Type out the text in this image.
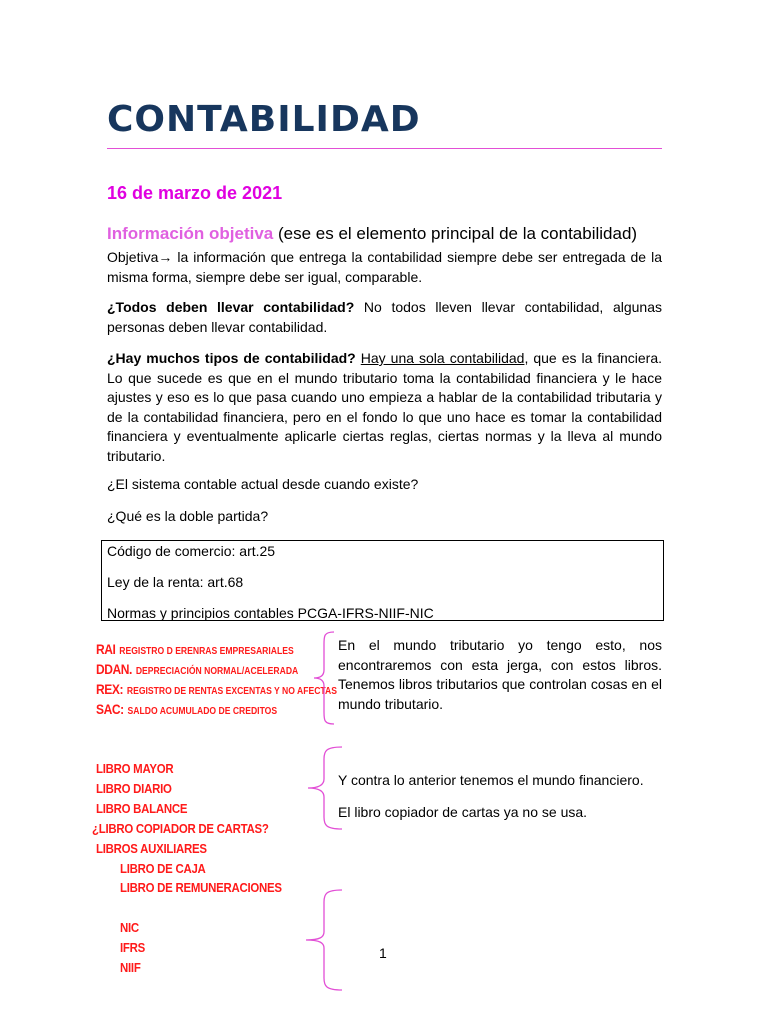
CONTABILIDAD
16 de marzo de 2021
Información objetiva (ese es el elemento principal de la contabilidad)

Objetiva→ la información que entrega la contabilidad siempre debe ser entregada de la misma forma, siempre debe ser igual, comparable.

¿Todos deben llevar contabilidad? No todos lleven llevar contabilidad, algunas personas deben llevar contabilidad.

¿Hay muchos tipos de contabilidad? Hay una sola contabilidad, que es la financiera. Lo que sucede es que en el mundo tributario toma la contabilidad financiera y le hace ajustes y eso es lo que pasa cuando uno empieza a hablar de la contabilidad tributaria y de la contabilidad financiera, pero en el fondo lo que uno hace es tomar la contabilidad financiera y eventualmente aplicarle ciertas reglas, ciertas normas y la lleva al mundo tributario.

¿El sistema contable actual desde cuando existe?

¿Qué es la doble partida?

Código de comercio: art.25
Ley de la renta: art.68
Normas y principios contables PCGA-IFRS-NIIF-NIC
RAI REGISTRO D ERENRAS EMPRESARIALES
DDAN. DEPRECIACIÓN NORMAL/ACELERADA
REX: REGISTRO DE RENTAS EXCENTAS Y NO AFECTAS
SAC: SALDO ACUMULADO DE CREDITOS
LIBRO MAYOR
LIBRO DIARIO
LIBRO BALANCE
¿LIBRO COPIADOR DE CARTAS?
LIBROS AUXILIARES
LIBRO DE CAJA
LIBRO DE REMUNERACIONES
NIC
IFRS
NIIF

En el mundo tributario yo tengo esto, nos encontraremos con esta jerga, con estos libros. Tenemos libros tributarios que controlan cosas en el mundo tributario.

Y contra lo anterior tenemos el mundo financiero.

El libro copiador de cartas ya no se usa.

1
